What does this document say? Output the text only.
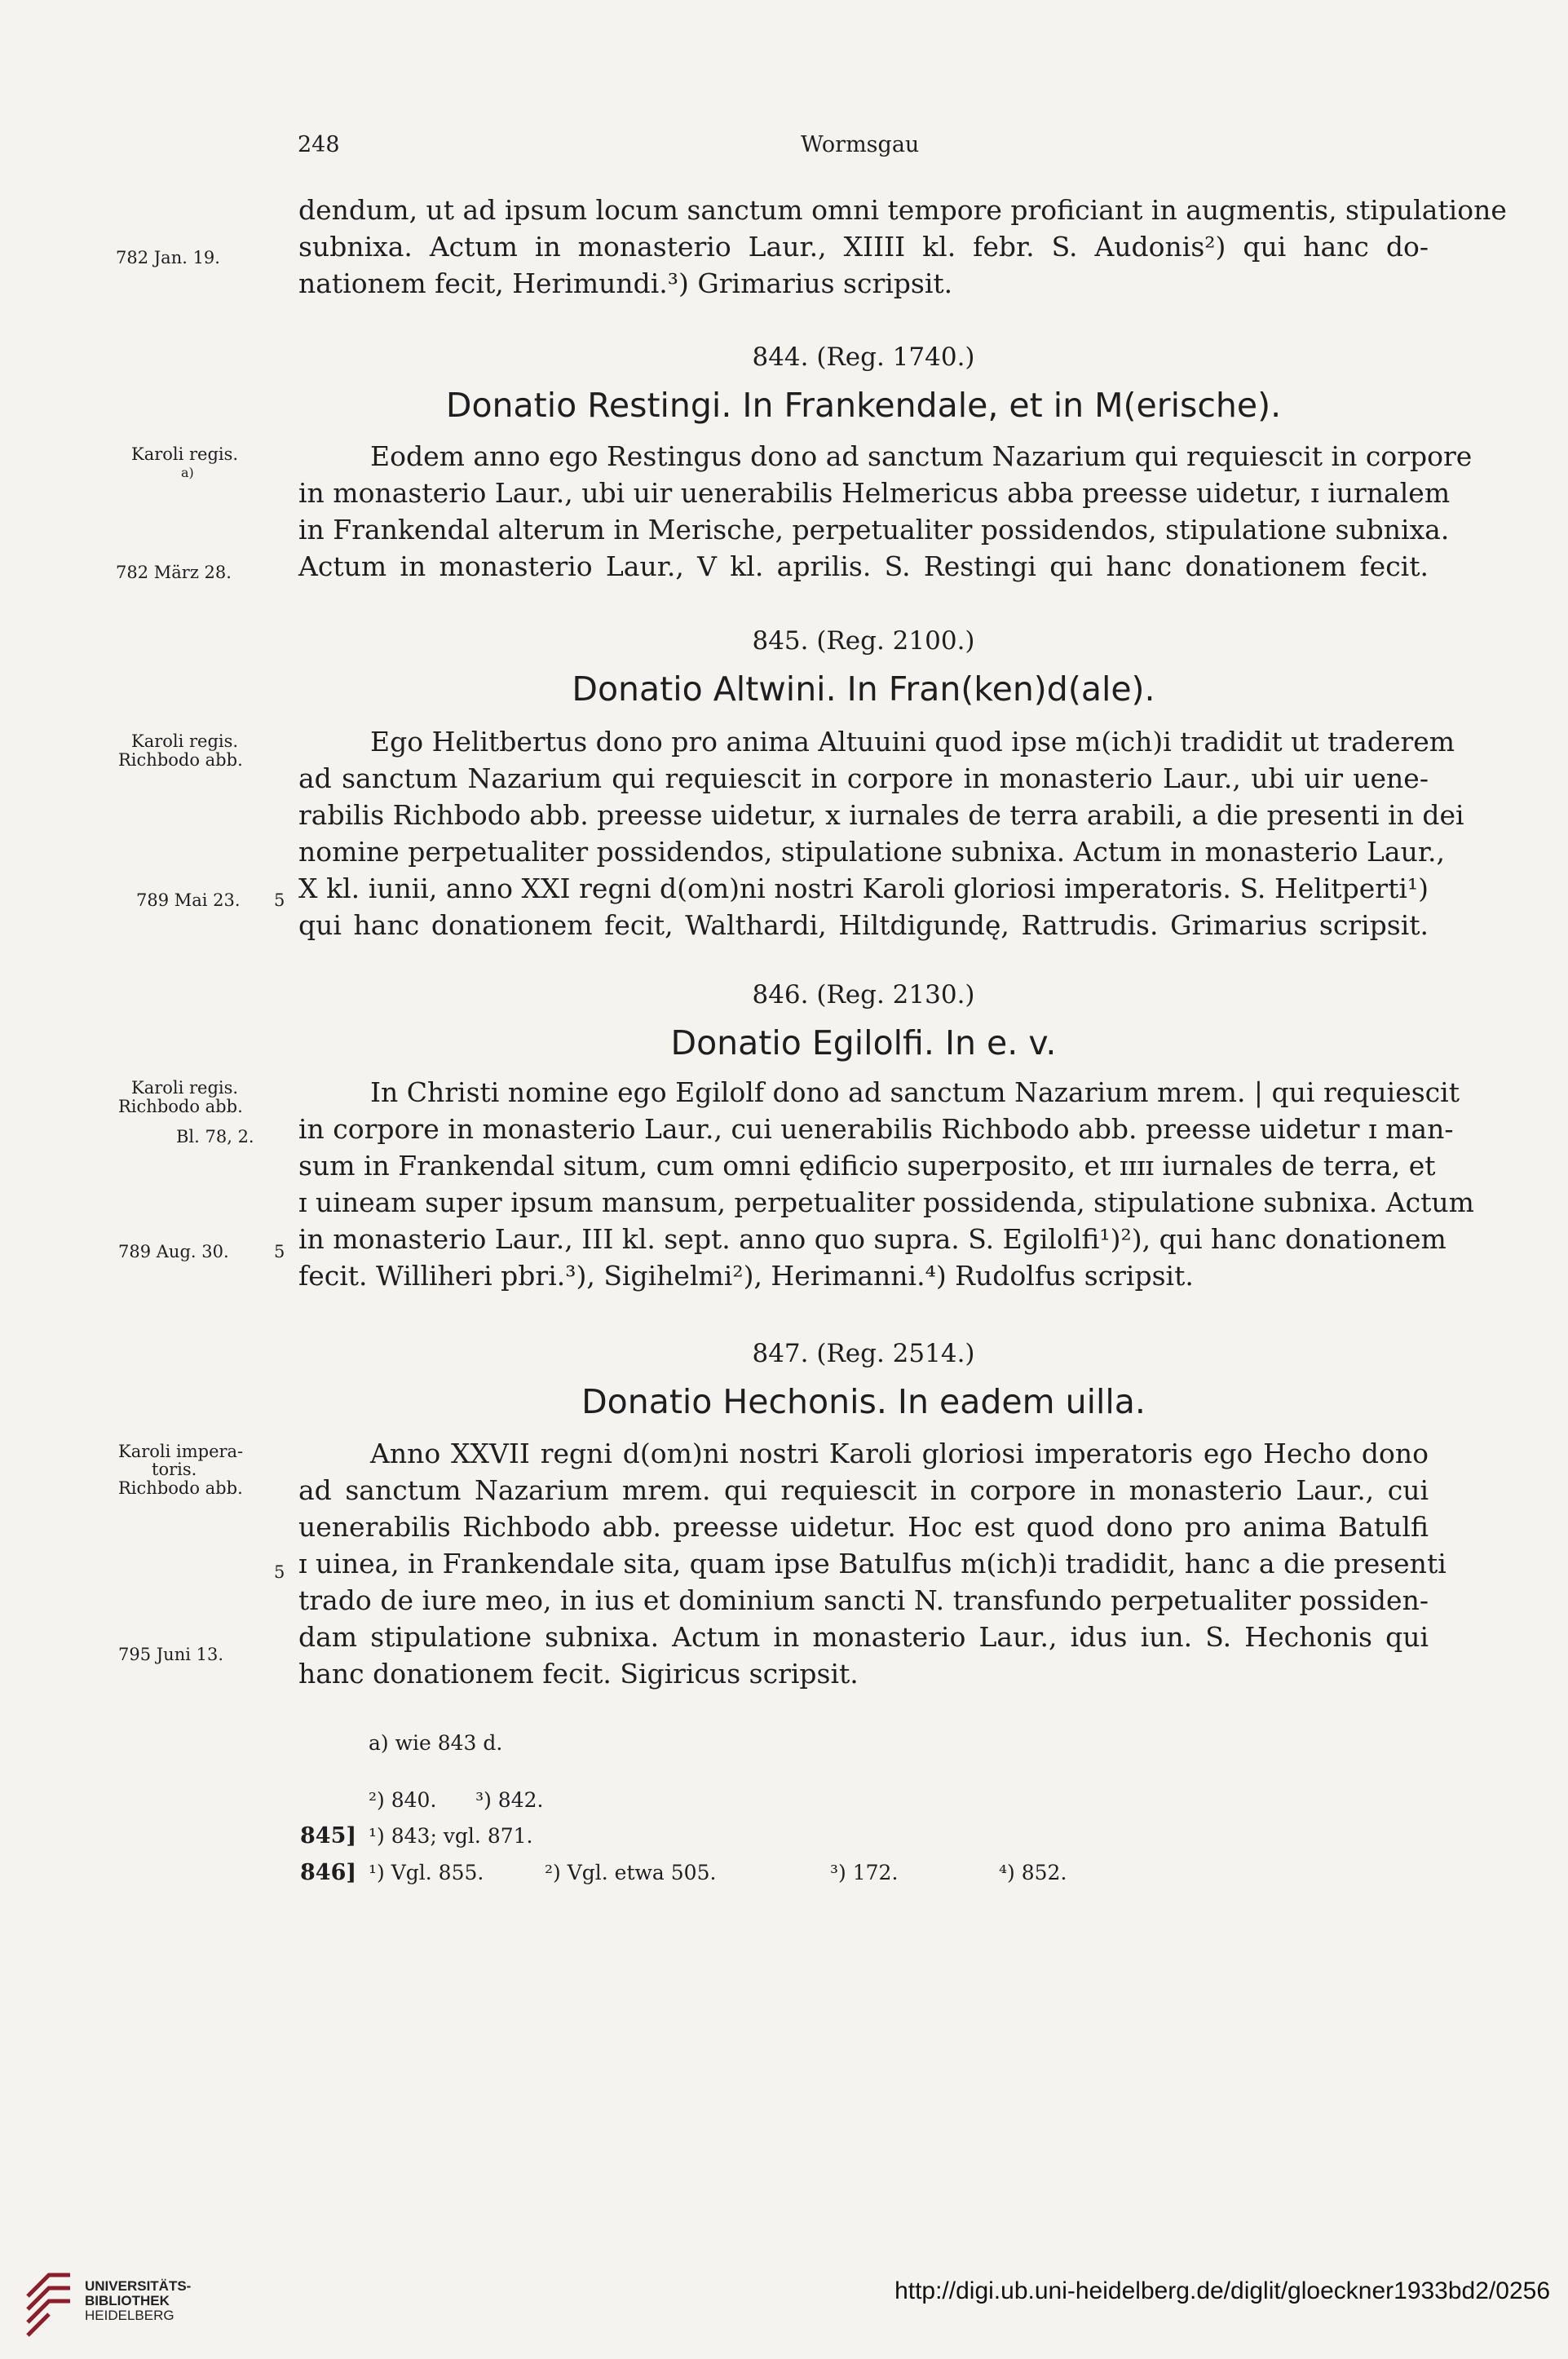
248	Wormsgau
782 Jan. 19.
Karoli regis.
a)
782 März 28.
Karoli regis.
Richbodo abb.
789 Mai 23.
Karoli regis.
Richbodo abb.
Bl. 78, 2.
789 Aug. 30.
Karoli impera-
toris.
Richbodo abb.
795 Juni 13.
5
5
5
dendum, ut ad ipsum locum sanctum omni tempore proficiant in augmentis, stipulatione
subnixa. Actum in monasterio Laur., XIIII kl. febr. S. Audonis²) qui hanc do-
nationem fecit, Herimundi.³) Grimarius scripsit.
844. (Reg. 1740.)
Donatio Restingi. In Frankendale, et in M(erische).
Eodem anno ego Restingus dono ad sanctum Nazarium qui requiescit in corpore
in monasterio Laur., ubi uir uenerabilis Helmericus abba preesse uidetur, ɪ iurnalem
in Frankendal alterum in Merische, perpetualiter possidendos, stipulatione subnixa.
Actum in monasterio Laur., V kl. aprilis. S. Restingi qui hanc donationem fecit.
845. (Reg. 2100.)
Donatio Altwini. In Fran(ken)d(ale).
Ego Helitbertus dono pro anima Altuuini quod ipse m(ich)i tradidit ut traderem
ad sanctum Nazarium qui requiescit in corpore in monasterio Laur., ubi uir uene-
rabilis Richbodo abb. preesse uidetur, x iurnales de terra arabili, a die presenti in dei
nomine perpetualiter possidendos, stipulatione subnixa. Actum in monasterio Laur.,
X kl. iunii, anno XXI regni d(om)ni nostri Karoli gloriosi imperatoris. S. Helitperti¹)
qui hanc donationem fecit, Walthardi, Hiltdigundę, Rattrudis. Grimarius scripsit.
846. (Reg. 2130.)
Donatio Egilolfi. In e. v.
In Christi nomine ego Egilolf dono ad sanctum Nazarium mrem. | qui requiescit
in corpore in monasterio Laur., cui uenerabilis Richbodo abb. preesse uidetur ɪ man-
sum in Frankendal situm, cum omni ędificio superposito, et ɪɪɪɪ iurnales de terra, et
ɪ uineam super ipsum mansum, perpetualiter possidenda, stipulatione subnixa. Actum
in monasterio Laur., III kl. sept. anno quo supra. S. Egilolfi¹)²), qui hanc donationem
fecit. Williheri pbri.³), Sigihelmi²), Herimanni.⁴) Rudolfus scripsit.
847. (Reg. 2514.)
Donatio Hechonis. In eadem uilla.
Anno XXVII regni d(om)ni nostri Karoli gloriosi imperatoris ego Hecho dono
ad sanctum Nazarium mrem. qui requiescit in corpore in monasterio Laur., cui
uenerabilis Richbodo abb. preesse uidetur. Hoc est quod dono pro anima Batulfi
ɪ uinea, in Frankendale sita, quam ipse Batulfus m(ich)i tradidit, hanc a die presenti
trado de iure meo, in ius et dominium sancti N. transfundo perpetualiter possiden-
dam stipulatione subnixa. Actum in monasterio Laur., idus iun. S. Hechonis qui
hanc donationem fecit. Sigiricus scripsit.
a) wie 843 d.
²) 840.      ³) 842.
845] ¹) 843; vgl. 871.
846] ¹) Vgl. 855.	²) Vgl. etwa 505.	³) 172.	⁴) 852.
UNIVERSITÄTS-
BIBLIOTHEK
HEIDELBERG
http://digi.ub.uni-heidelberg.de/diglit/gloeckner1933bd2/0256
